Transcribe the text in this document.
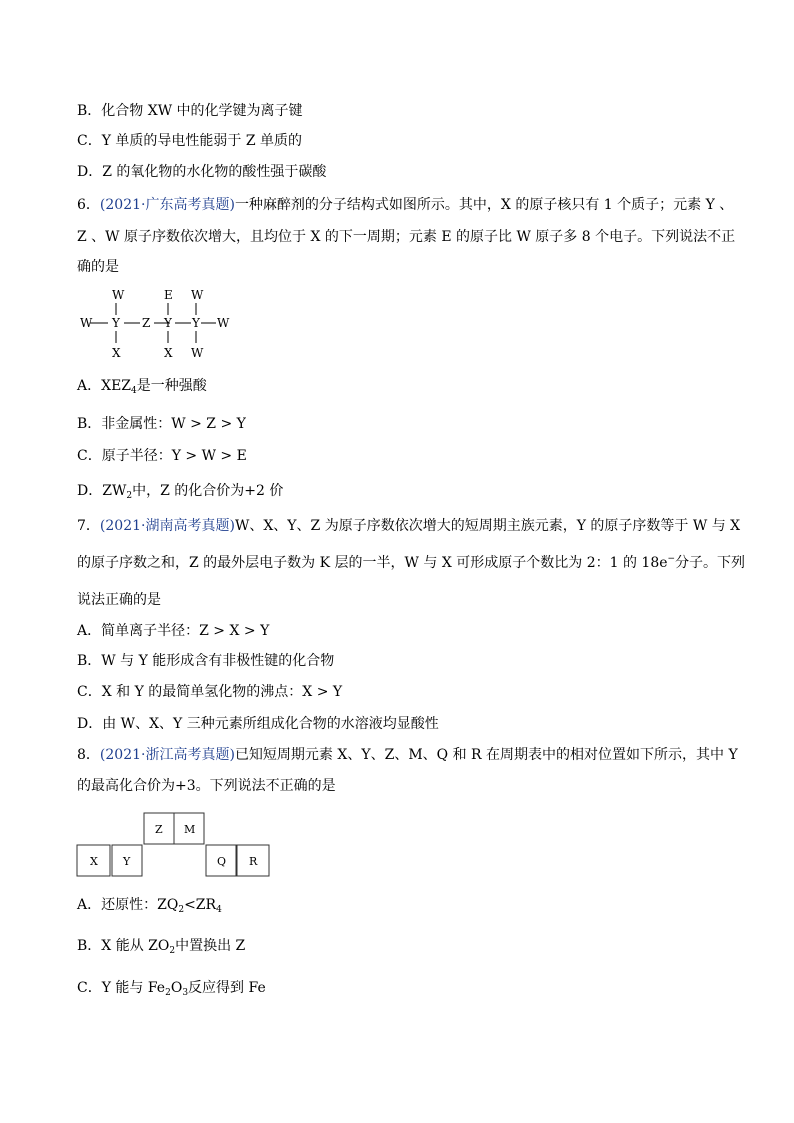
B．化合物 XW 中的化学键为离子键
C．Y 单质的导电性能弱于 Z 单质的
D．Z 的氧化物的水化物的酸性强于碳酸
6．(2021·广东高考真题)一种麻醉剂的分子结构式如图所示。其中，X 的原子核只有 1 个质子；元素 Y 、
Z 、W 原子序数依次增大，且均位于 X 的下一周期；元素 E 的原子比 W 原子多 8 个电子。下列说法不正
确的是
W Y
W
X
Z Y
E
X
Y
W
W
W
A．$XEZ_4$是一种强酸
B．非金属性：W > Z > Y
C．原子半径：Y > W > E
D．$ZW_2$中，Z 的化合价为+2 价
7．(2021·湖南高考真题)W、X、Y、Z 为原子序数依次增大的短周期主族元素，Y 的原子序数等于 W 与 X
的原子序数之和，Z 的最外层电子数为 K 层的一半，W 与 X 可形成原子个数比为 2：1 的 18e−分子。下列
说法正确的是
A．简单离子半径：Z > X > Y
B．W 与 Y 能形成含有非极性键的化合物
C．X 和 Y 的最简单氢化物的沸点：X > Y
D．由 W、X、Y 三种元素所组成化合物的水溶液均显酸性
8．(2021·浙江高考真题)已知短周期元素 X、Y、Z、M、Q 和 R 在周期表中的相对位置如下所示，其中 Y
的最高化合价为+3。下列说法不正确的是
Z M
X Y	Q R
A．还原性：$ZQ_2<ZR_4$
B．X 能从 $ZO_2$中置换出 Z
C．Y 能与 $Fe_2O_3$反应得到 Fe
